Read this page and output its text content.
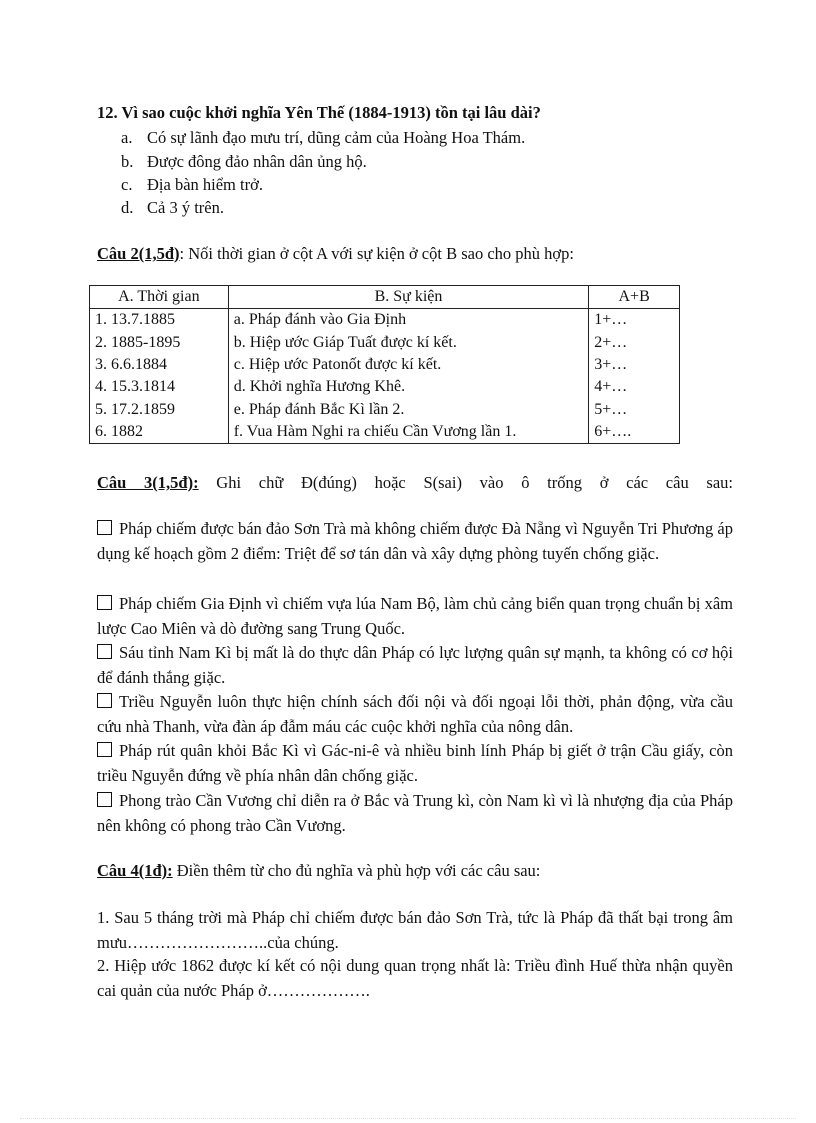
12. Vì sao cuộc khởi nghĩa Yên Thế (1884-1913) tồn tại lâu dài?
a. Có sự lãnh đạo mưu trí, dũng cảm của Hoàng Hoa Thám.
b. Được đông đảo nhân dân ủng hộ.
c. Địa bàn hiểm trở.
d. Cả 3 ý trên.
Câu 2(1,5đ): Nối thời gian ở cột A với sự kiện ở cột B sao cho phù hợp:
A. Thời gian	B. Sự kiện	A+B
1. 13.7.1885	a. Pháp đánh vào Gia Định	1+…
2. 1885-1895	b. Hiệp ước Giáp Tuất được kí kết.	2+…
3. 6.6.1884	c. Hiệp ước Patonốt được kí kết.	3+…
4. 15.3.1814	d. Khởi nghĩa Hương Khê.	4+…
5. 17.2.1859	e. Pháp đánh Bắc Kì lần 2.	5+…
6. 1882	f. Vua Hàm Nghi ra chiếu Cần Vương lần 1.	6+….
Câu 3(1,5đ): Ghi chữ Đ(đúng) hoặc S(sai) vào ô trống ở các câu sau:
Pháp chiếm được bán đảo Sơn Trà mà không chiếm được Đà Nẵng vì Nguyễn Tri Phương áp dụng kế hoạch gồm 2 điểm: Triệt để sơ tán dân và xây dựng phòng tuyến chống giặc.
Pháp chiếm Gia Định vì chiếm vựa lúa Nam Bộ, làm chủ cảng biển quan trọng chuẩn bị xâm lược Cao Miên và dò đường sang Trung Quốc.
Sáu tỉnh Nam Kì bị mất là do thực dân Pháp có lực lượng quân sự mạnh, ta không có cơ hội để đánh thắng giặc.
Triều Nguyễn luôn thực hiện chính sách đối nội và đối ngoại lỗi thời, phản động, vừa cầu cứu nhà Thanh, vừa đàn áp đẫm máu các cuộc khởi nghĩa của nông dân.
Pháp rút quân khỏi Bắc Kì vì Gác-ni-ê và nhiều binh lính Pháp bị giết ở trận Cầu giấy, còn triều Nguyễn đứng về phía nhân dân chống giặc.
Phong trào Cần Vương chỉ diễn ra ở Bắc và Trung kì, còn Nam kì vì là nhượng địa của Pháp nên không có phong trào Cần Vương.
Câu 4(1đ): Điền thêm từ cho đủ nghĩa và phù hợp với các câu sau:
1. Sau 5 tháng trời mà Pháp chỉ chiếm được bán đảo Sơn Trà, tức là Pháp đã thất bại trong âm mưu……………………..của chúng.
2. Hiệp ước 1862 được kí kết có nội dung quan trọng nhất là: Triều đình Huế thừa nhận quyền cai quản của nước Pháp ở……………….
